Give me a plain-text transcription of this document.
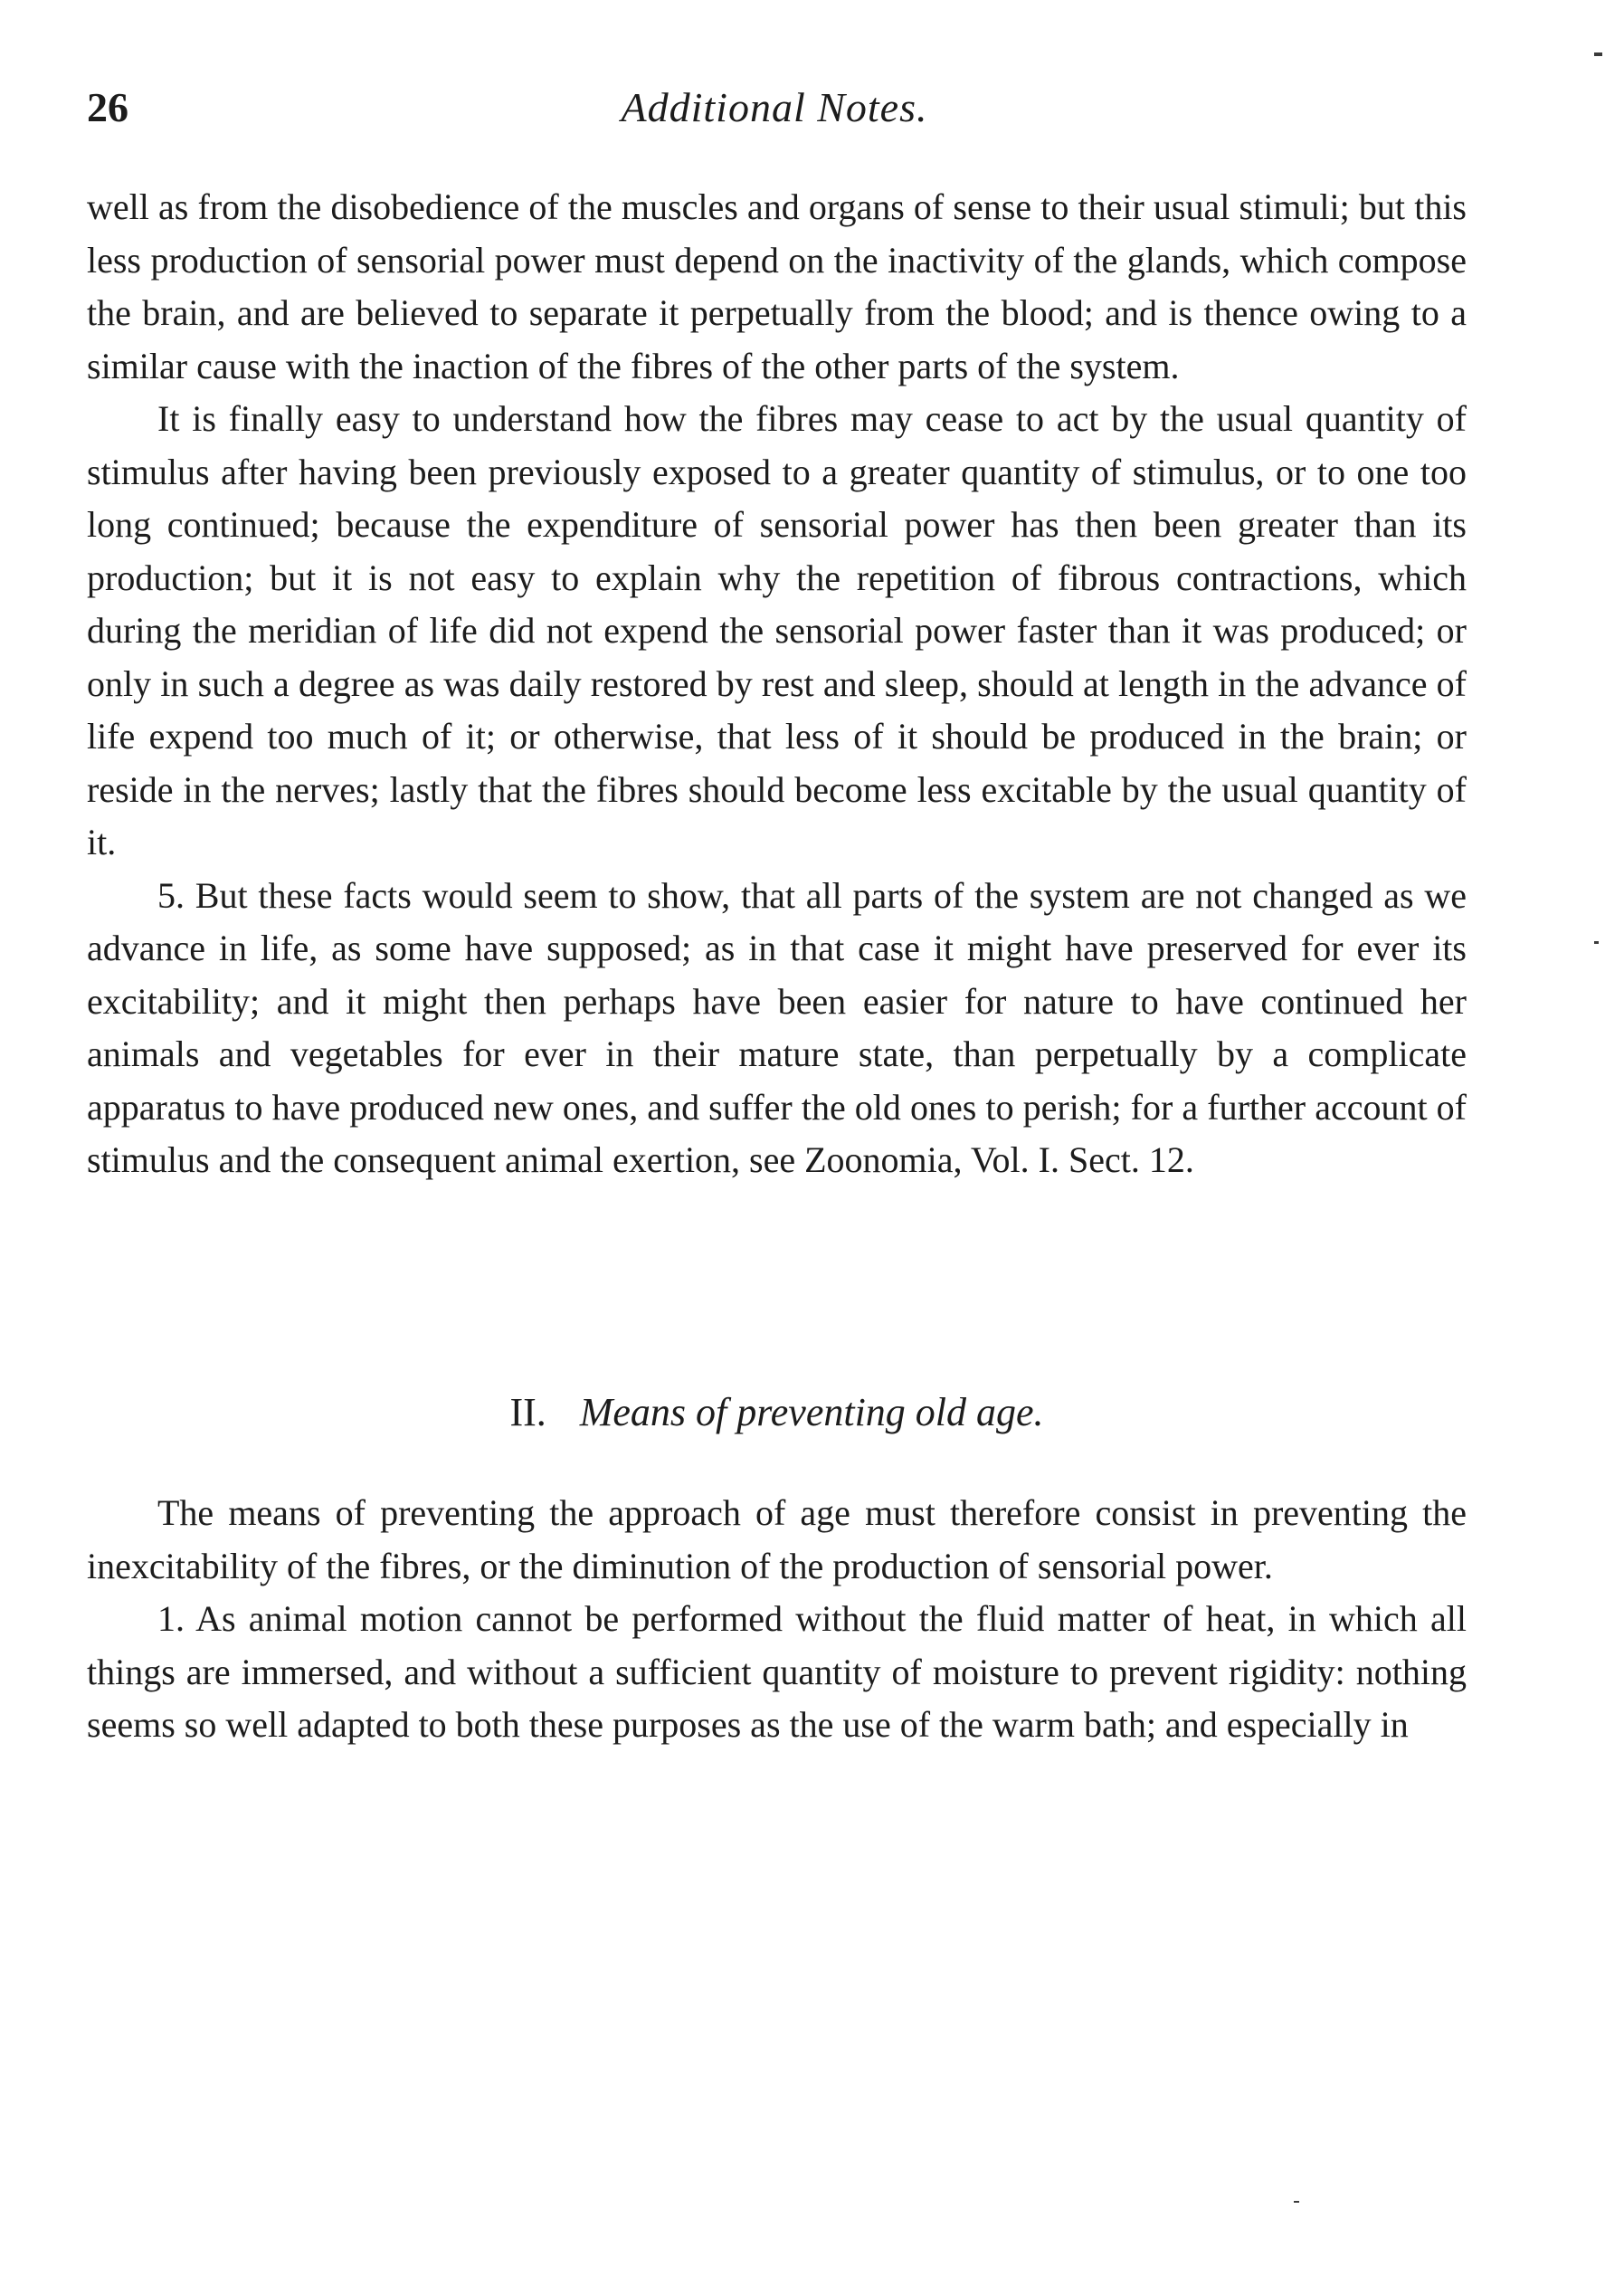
26	Additional Notes.

well as from the disobedience of the muscles and organs of sense to their usual stimuli; but this less production of sensorial power must depend on the inactivity of the glands, which compose the brain, and are believed to separate it perpetually from the blood; and is thence owing to a similar cause with the inaction of the fibres of the other parts of the system.

It is finally easy to understand how the fibres may cease to act by the usual quantity of stimulus after having been previously exposed to a greater quantity of stimulus, or to one too long continued; because the expenditure of sensorial power has then been greater than its production; but it is not easy to explain why the repetition of fibrous contractions, which during the meridian of life did not expend the sensorial power faster than it was produced; or only in such a degree as was daily restored by rest and sleep, should at length in the advance of life expend too much of it; or otherwise, that less of it should be produced in the brain; or reside in the nerves; lastly that the fibres should become less excitable by the usual quantity of it.

5. But these facts would seem to show, that all parts of the system are not changed as we advance in life, as some have supposed; as in that case it might have preserved for ever its excitability; and it might then perhaps have been easier for nature to have continued her animals and vegetables for ever in their mature state, than perpetually by a complicate apparatus to have produced new ones, and suffer the old ones to perish; for a further account of stimulus and the consequent animal exertion, see Zoonomia, Vol. I. Sect. 12.

II. Means of preventing old age.

The means of preventing the approach of age must therefore consist in preventing the inexcitability of the fibres, or the diminution of the production of sensorial power.

1. As animal motion cannot be performed without the fluid matter of heat, in which all things are immersed, and without a sufficient quantity of moisture to prevent rigidity: nothing seems so well adapted to both these purposes as the use of the warm bath; and especially in
